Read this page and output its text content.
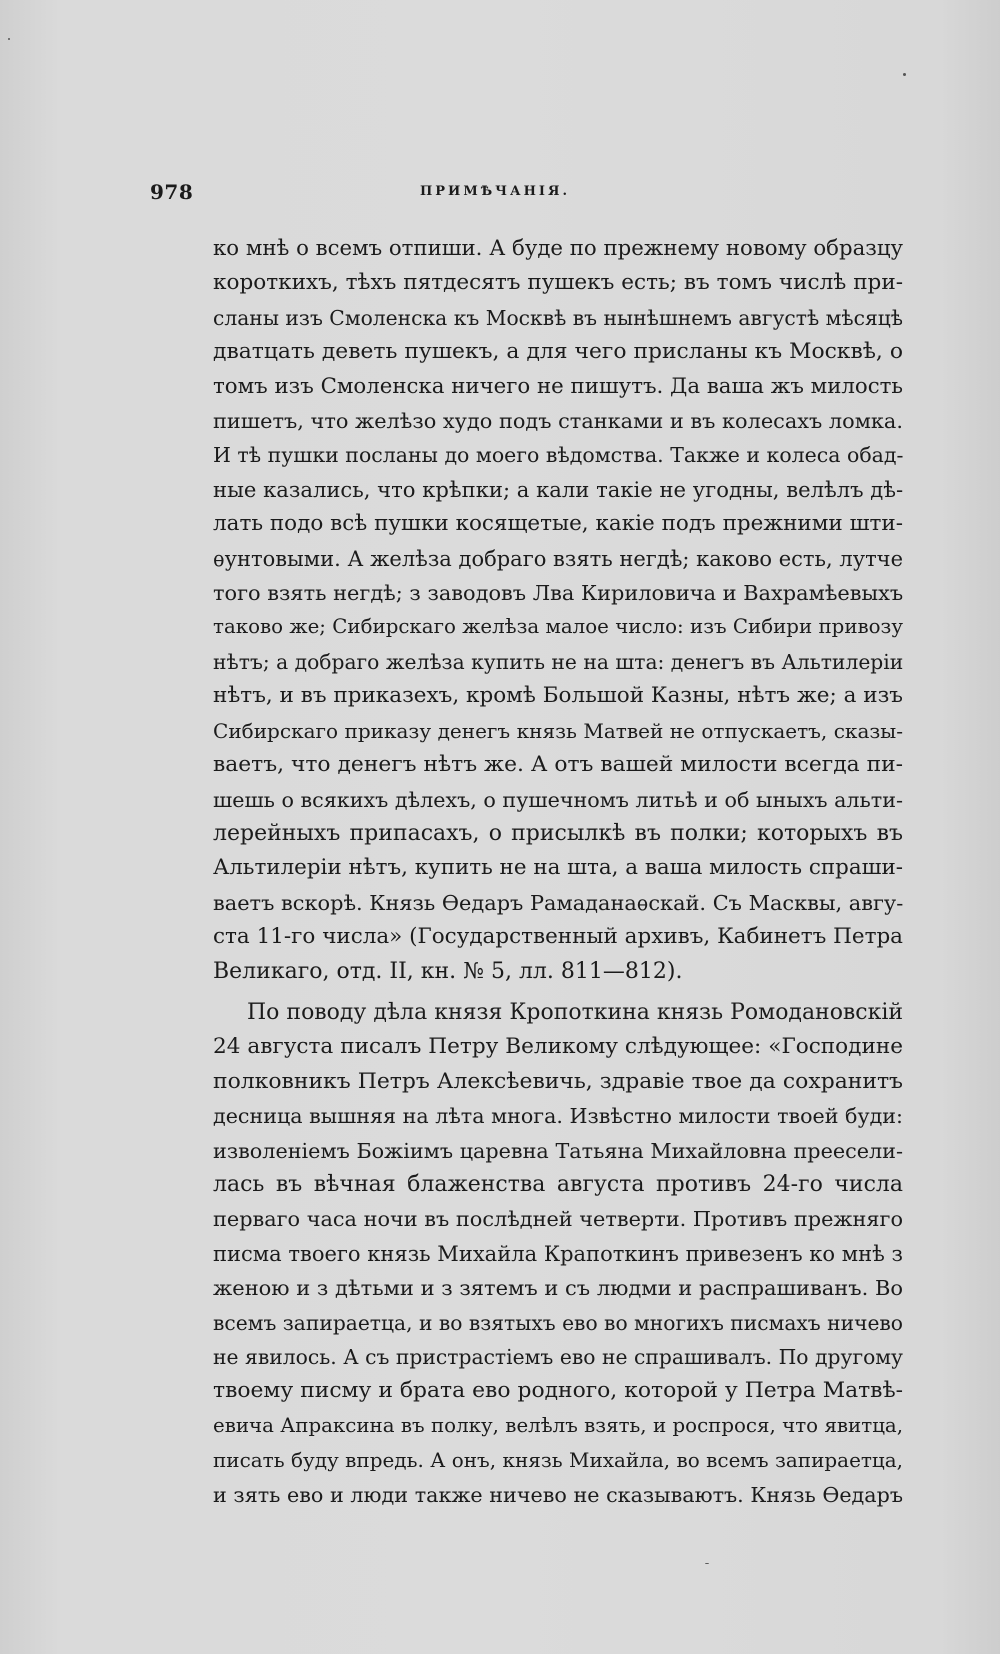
978	ПРИМѢЧАНІЯ.

ко мнѣ о всемъ отпиши. А буде по прежнему новому образцу
короткихъ, тѣхъ пятдесятъ пушекъ есть; въ томъ числѣ при-
сланы изъ Смоленска къ Москвѣ въ нынѣшнемъ августѣ мѣсяцѣ
дватцать деветь пушекъ, а для чего присланы къ Москвѣ, о
томъ изъ Смоленска ничего не пишутъ. Да ваша жъ милость
пишетъ, что желѣзо худо подъ станками и въ колесахъ ломка.
И тѣ пушки посланы до моего вѣдомства. Также и колеса обад-
ные казались, что крѣпки; а кали такіе не угодны, велѣлъ дѣ-
лать подо всѣ пушки косящетые, какіе подъ прежними шти-
ѳунтовыми. А желѣза добраго взять негдѣ; каково есть, лутче
того взять негдѣ; з заводовъ Лва Кириловича и Вахрамѣевыхъ
таково же; Сибирскаго желѣза малое число: изъ Сибири привозу
нѣтъ; а добраго желѣза купить не на шта: денегъ въ Альтилеріи
нѣтъ, и въ приказехъ, кромѣ Большой Казны, нѣтъ же; а изъ
Сибирскаго приказу денегъ князь Матвей не отпускаетъ, сказы-
ваетъ, что денегъ нѣтъ же. А отъ вашей милости всегда пи-
шешь о всякихъ дѣлехъ, о пушечномъ литьѣ и об ыныхъ альти-
лерейныхъ припасахъ, о присылкѣ въ полки; которыхъ въ
Альтилеріи нѣтъ, купить не на шта, а ваша милость спраши-
ваетъ вскорѣ. Князь Ѳедаръ Рамаданаѳскай. Съ Масквы, авгу-
ста 11-го числа» (Государственный архивъ, Кабинетъ Петра
Великаго, отд. II, кн. № 5, лл. 811—812).

По поводу дѣла князя Кропоткина князь Ромодановскій
24 августа писалъ Петру Великому слѣдующее: «Господине
полковникъ Петръ Алексѣевичь, здравіе твое да сохранитъ
десница вышняя на лѣта многа. Извѣстно милости твоей буди:
изволеніемъ Божіимъ царевна Татьяна Михайловна преесели-
лась въ вѣчная блаженства августа противъ 24-го числа
перваго часа ночи въ послѣдней четверти. Противъ прежняго
писма твоего князь Михайла Крапоткинъ привезенъ ко мнѣ з
женою и з дѣтьми и з зятемъ и съ людми и распрашиванъ. Во
всемъ запираетца, и во взятыхъ ево во многихъ писмахъ ничево
не явилось. А съ пристрастіемъ ево не спрашивалъ. По другому
твоему писму и брата ево родного, которой у Петра Матвѣ-
евича Апраксина въ полку, велѣлъ взять, и роспрося, что явитца,
писать буду впредь. А онъ, князь Михайла, во всемъ запираетца,
и зять ево и люди также ничево не сказываютъ. Князь Ѳедаръ
